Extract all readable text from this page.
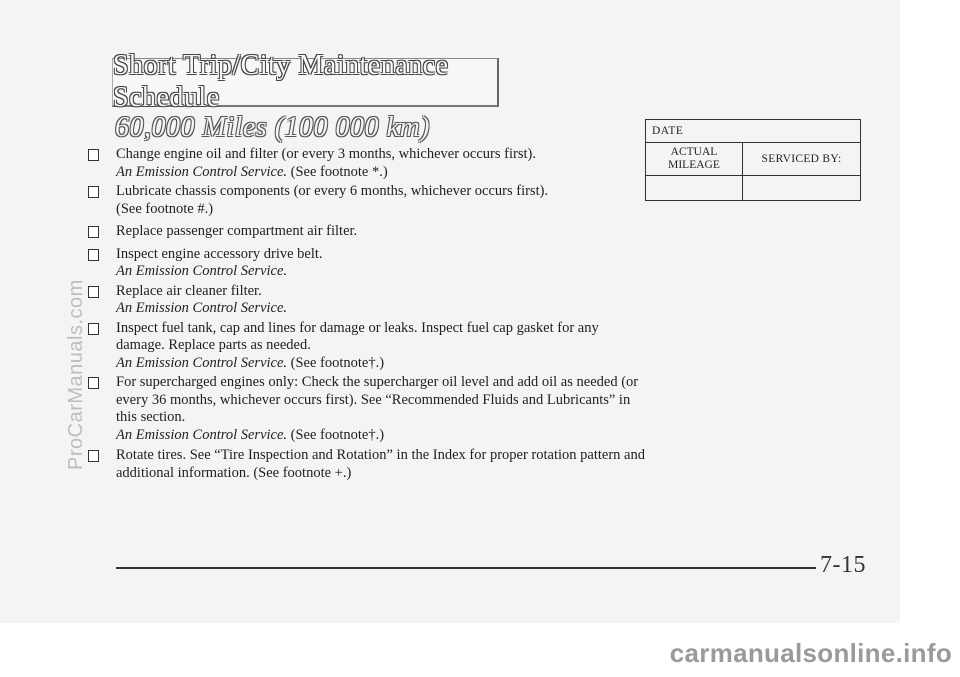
Short Trip/City Maintenance Schedule
60,000 Miles (100 000 km)
Change engine oil and filter (or every 3 months, whichever occurs first).
An Emission Control Service. (See footnote *.)
Lubricate chassis components (or every 6 months, whichever occurs first).
(See footnote #.)
Replace passenger compartment air filter.
Inspect engine accessory drive belt.
An Emission Control Service.
Replace air cleaner filter.
An Emission Control Service.
Inspect fuel tank, cap and lines for damage or leaks. Inspect fuel cap gasket for any damage. Replace parts as needed.
An Emission Control Service. (See footnote†.)
For supercharged engines only: Check the supercharger oil level and add oil as needed (or every 36 months, whichever occurs first). See “Recommended Fluids and Lubricants” in this section.
An Emission Control Service. (See footnote†.)
Rotate tires. See “Tire Inspection and Rotation” in the Index for proper rotation pattern and additional information. (See footnote +.)
DATE	
ACTUAL
MILEAGE	SERVICED BY:

7-15
ProCarManuals.com
carmanualsonline.info
